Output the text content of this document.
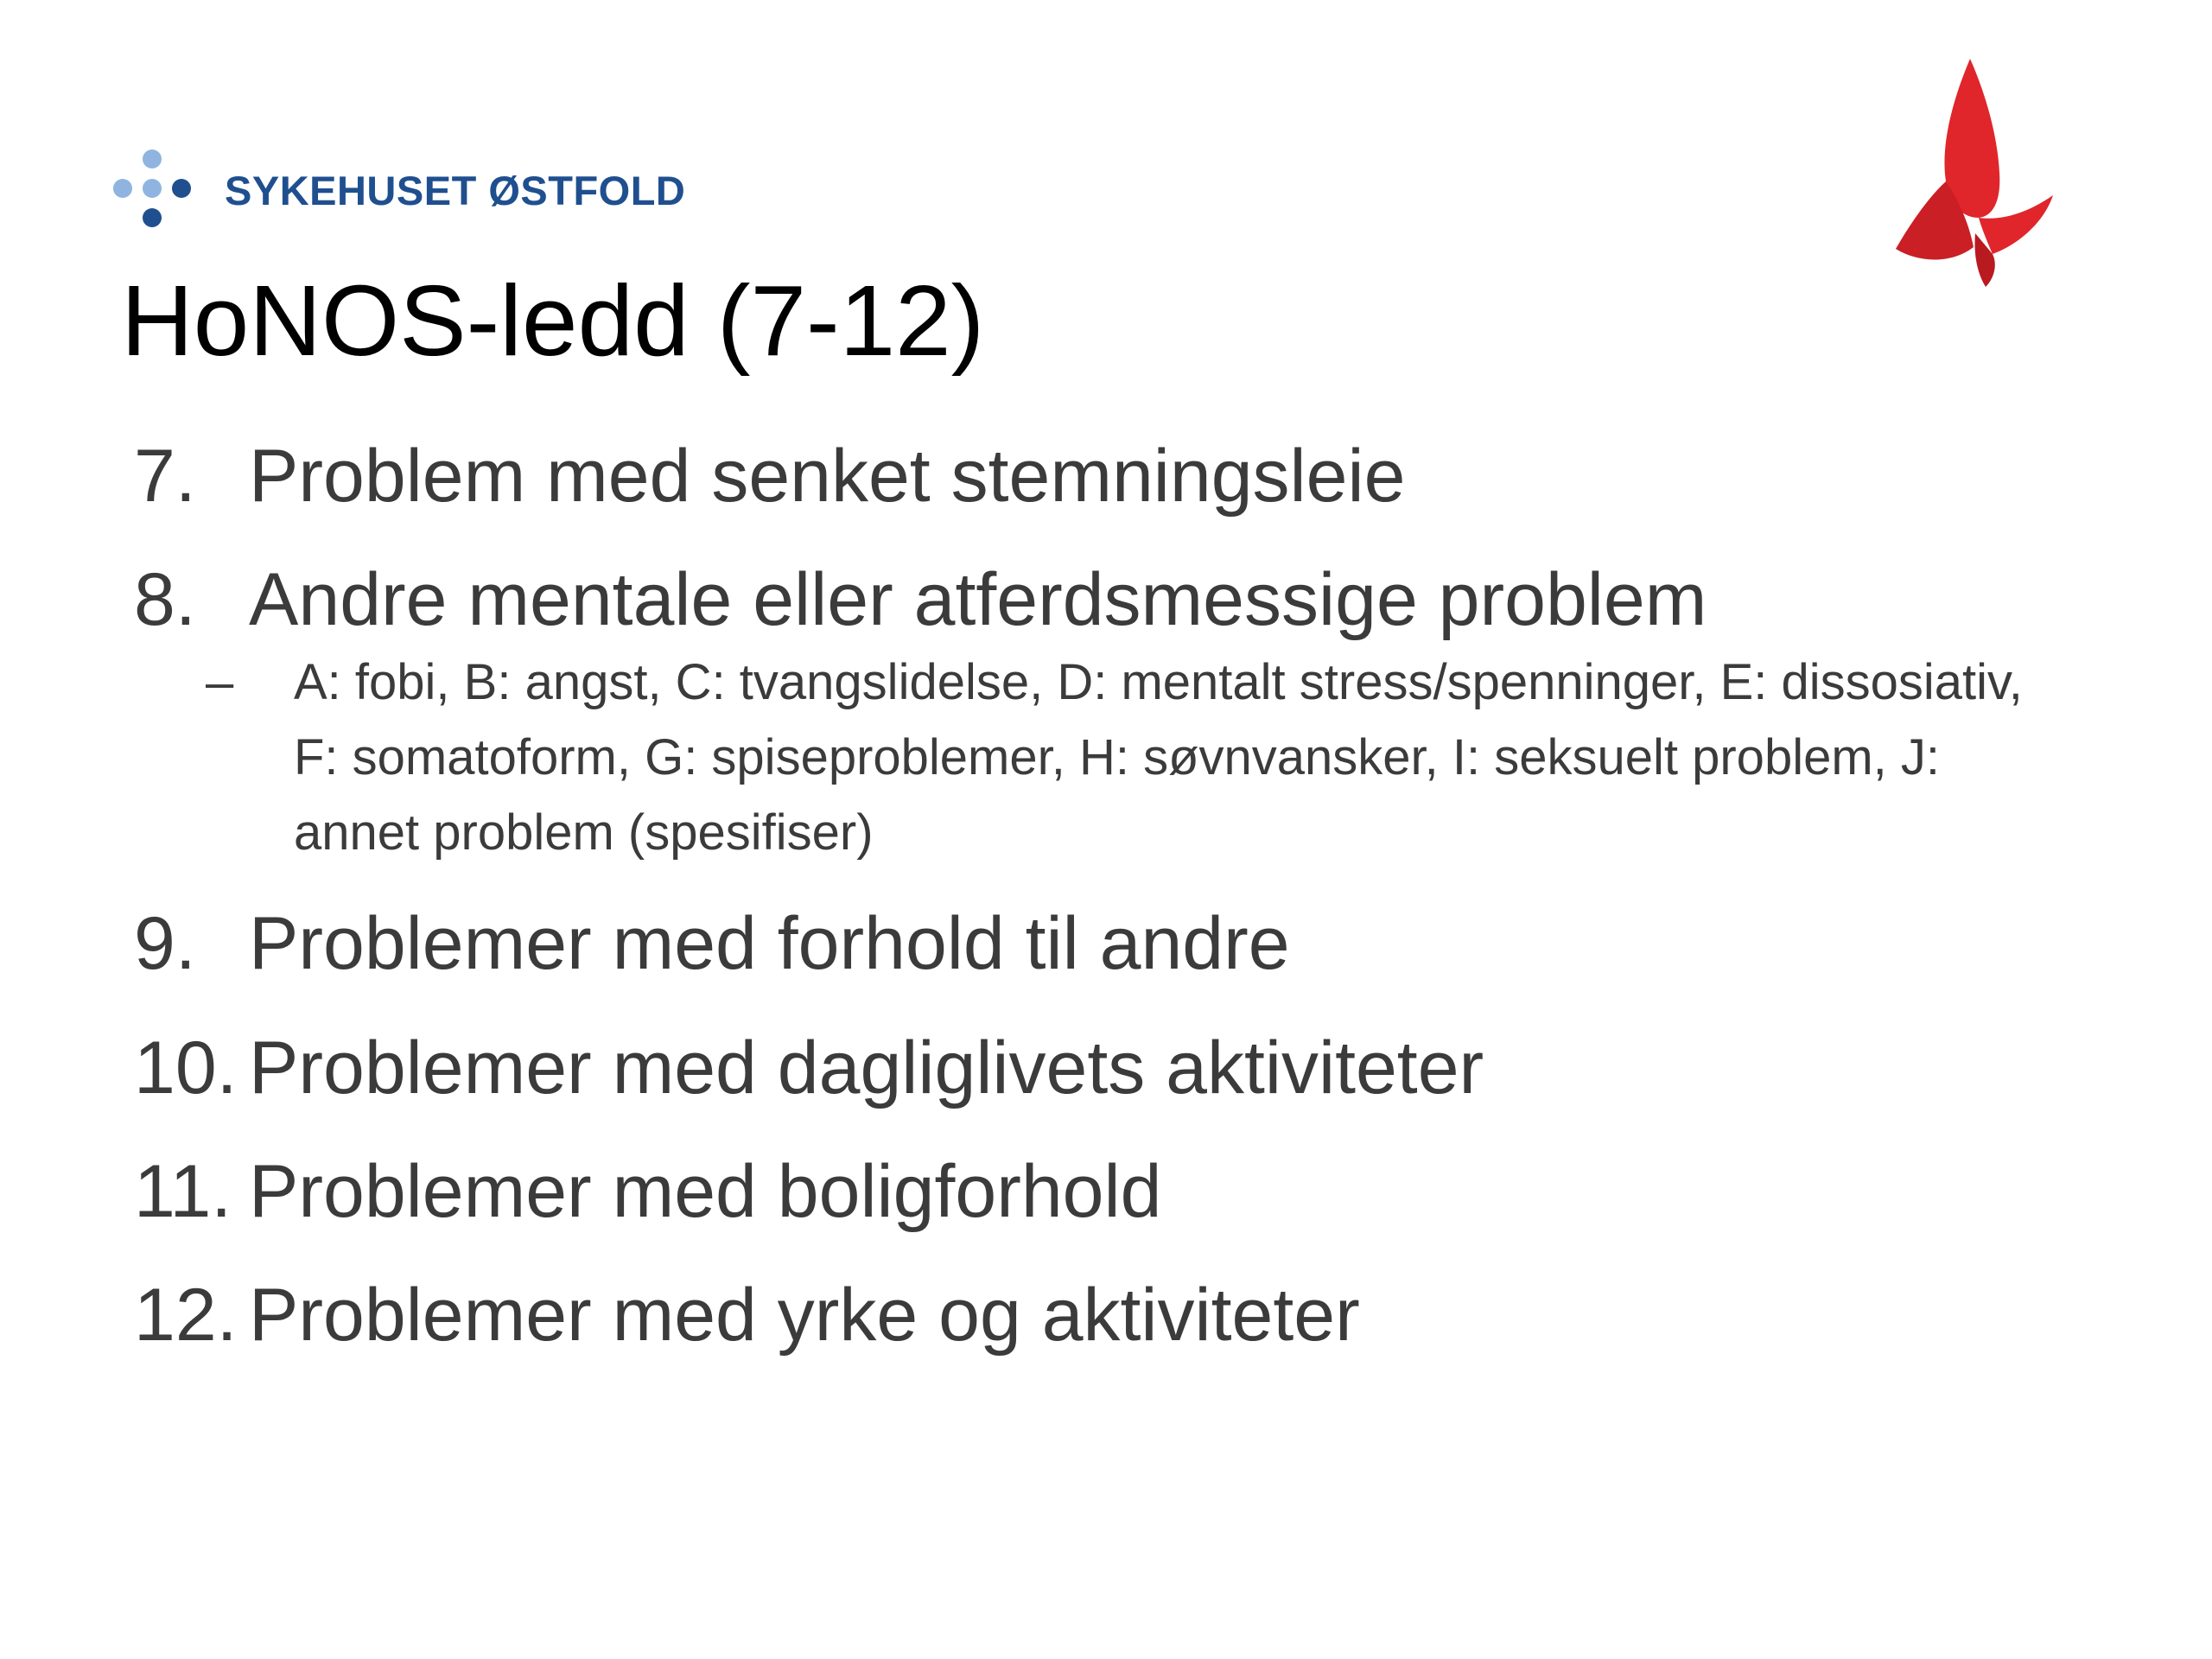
SYKEHUSET ØSTFOLD
HoNOS-ledd (7-12)
7. Problem med senket stemningsleie
8. Andre mentale eller atferdsmessige problem
– A: fobi, B: angst, C: tvangslidelse, D: mentalt stress/spenninger, E: dissosiativ, F: somatoform, G: spiseproblemer, H: søvnvansker, I: seksuelt problem, J: annet problem (spesifiser)
9. Problemer med forhold til andre
10. Problemer med dagliglivets aktiviteter
11. Problemer med boligforhold
12. Problemer med yrke og aktiviteter
